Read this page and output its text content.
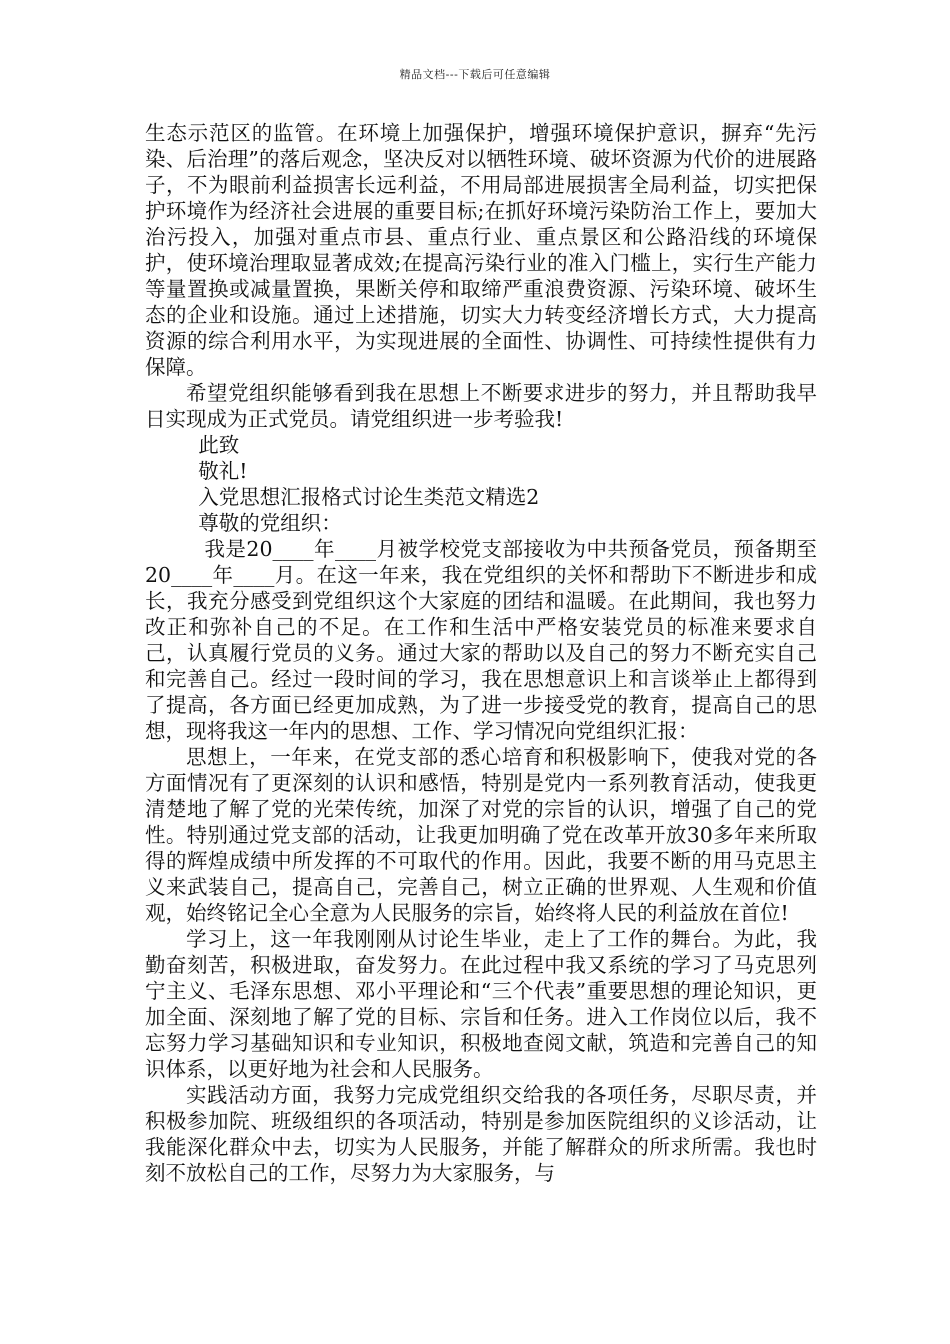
精品文档---下载后可任意编辑

生态示范区的监管。在环境上加强保护，增强环境保护意识，摒弃“先污染、后治理”的落后观念，坚决反对以牺牲环境、破坏资源为代价的进展路子，不为眼前利益损害长远利益，不用局部进展损害全局利益，切实把保护环境作为经济社会进展的重要目标;在抓好环境污染防治工作上，要加大治污投入，加强对重点市县、重点行业、重点景区和公路沿线的环境保护，使环境治理取显著成效;在提高污染行业的准入门槛上，实行生产能力等量置换或减量置换，果断关停和取缔严重浪费资源、污染环境、破坏生态的企业和设施。通过上述措施，切实大力转变经济增长方式，大力提高资源的综合利用水平，为实现进展的全面性、协调性、可持续性提供有力保障。

希望党组织能够看到我在思想上不断要求进步的努力，并且帮助我早日实现成为正式党员。请党组织进一步考验我!

此致

敬礼!

入党思想汇报格式讨论生类范文精选2

尊敬的党组织：

我是20____年____月被学校党支部接收为中共预备党员，预备期至20____年____月。在这一年来，我在党组织的关怀和帮助下不断进步和成长，我充分感受到党组织这个大家庭的团结和温暖。在此期间，我也努力改正和弥补自己的不足。在工作和生活中严格安装党员的标准来要求自己，认真履行党员的义务。通过大家的帮助以及自己的努力不断充实自己和完善自己。经过一段时间的学习，我在思想意识上和言谈举止上都得到了提高，各方面已经更加成熟，为了进一步接受党的教育，提高自己的思想，现将我这一年内的思想、工作、学习情况向党组织汇报：

思想上，一年来，在党支部的悉心培育和积极影响下，使我对党的各方面情况有了更深刻的认识和感悟，特别是党内一系列教育活动，使我更清楚地了解了党的光荣传统，加深了对党的宗旨的认识，增强了自己的党性。特别通过党支部的活动，让我更加明确了党在改革开放30多年来所取得的辉煌成绩中所发挥的不可取代的作用。因此，我要不断的用马克思主义来武装自己，提高自己，完善自己，树立正确的世界观、人生观和价值观，始终铭记全心全意为人民服务的宗旨，始终将人民的利益放在首位!

学习上，这一年我刚刚从讨论生毕业，走上了工作的舞台。为此，我勤奋刻苦，积极进取，奋发努力。在此过程中我又系统的学习了马克思列宁主义、毛泽东思想、邓小平理论和“三个代表”重要思想的理论知识，更加全面、深刻地了解了党的目标、宗旨和任务。进入工作岗位以后，我不忘努力学习基础知识和专业知识，积极地查阅文献，筑造和完善自己的知识体系，以更好地为社会和人民服务。

实践活动方面，我努力完成党组织交给我的各项任务，尽职尽责，并积极参加院、班级组织的各项活动，特别是参加医院组织的义诊活动，让我能深化群众中去，切实为人民服务，并能了解群众的所求所需。我也时刻不放松自己的工作，尽努力为大家服务，与
